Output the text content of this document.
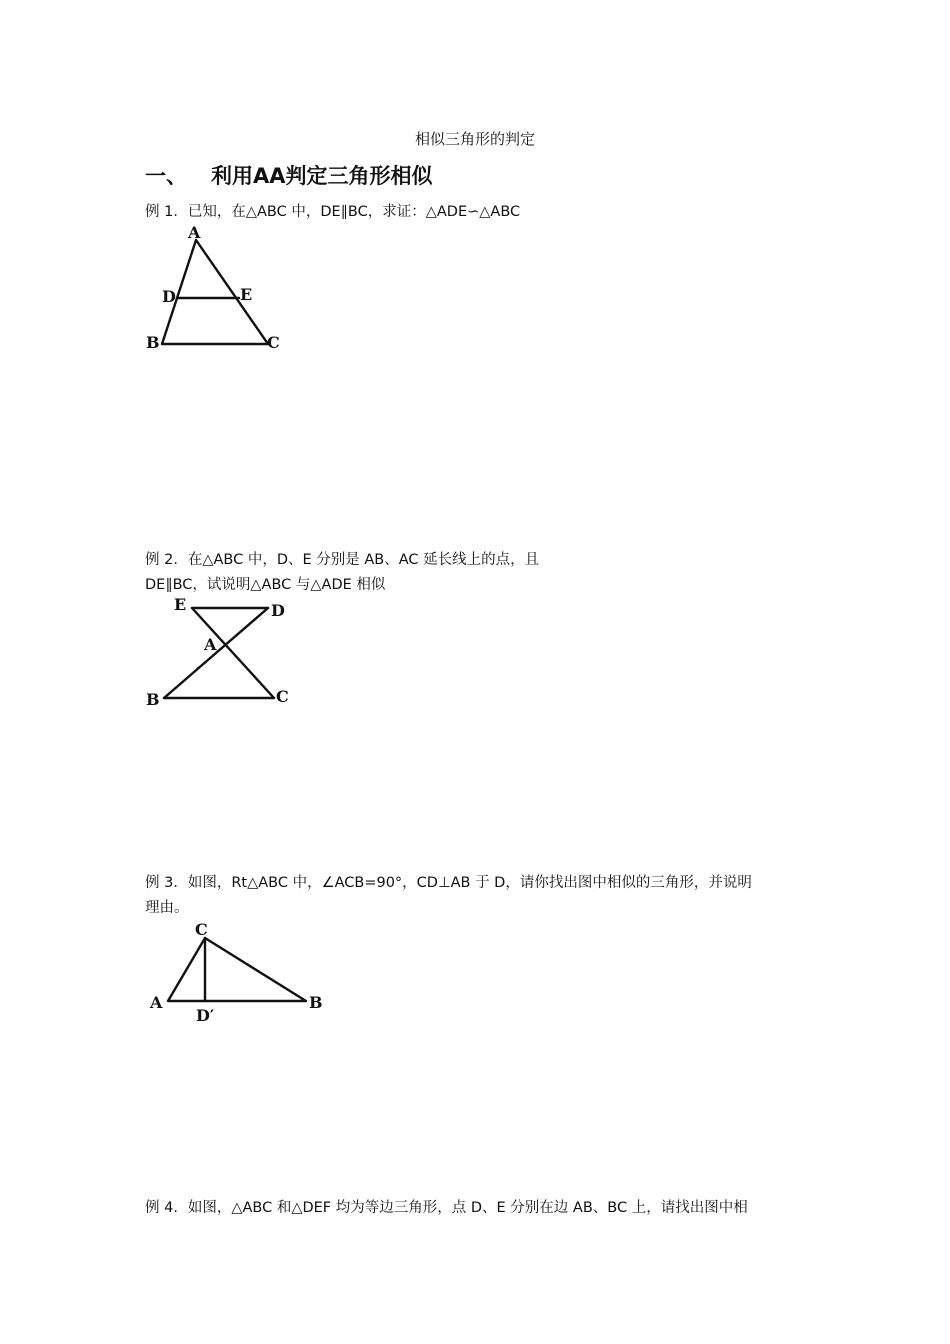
相似三角形的判定
一、 利用AA判定三角形相似
例 1．已知，在△ABC 中，DE∥BC，求证：△ADE∽△ABC
A
D	E
B	C
例 2．在△ABC 中，D、E 分别是 AB、AC 延长线上的点，且
DE∥BC，试说明△ABC 与△ADE 相似
E	D
A
B	C
例 3．如图，Rt△ABC 中，∠ACB=90°，CD⊥AB 于 D，请你找出图中相似的三角形，并说明
理由。
C
A	B
D′
例 4．如图，△ABC 和△DEF 均为等边三角形，点 D、E 分别在边 AB、BC 上，请找出图中相
